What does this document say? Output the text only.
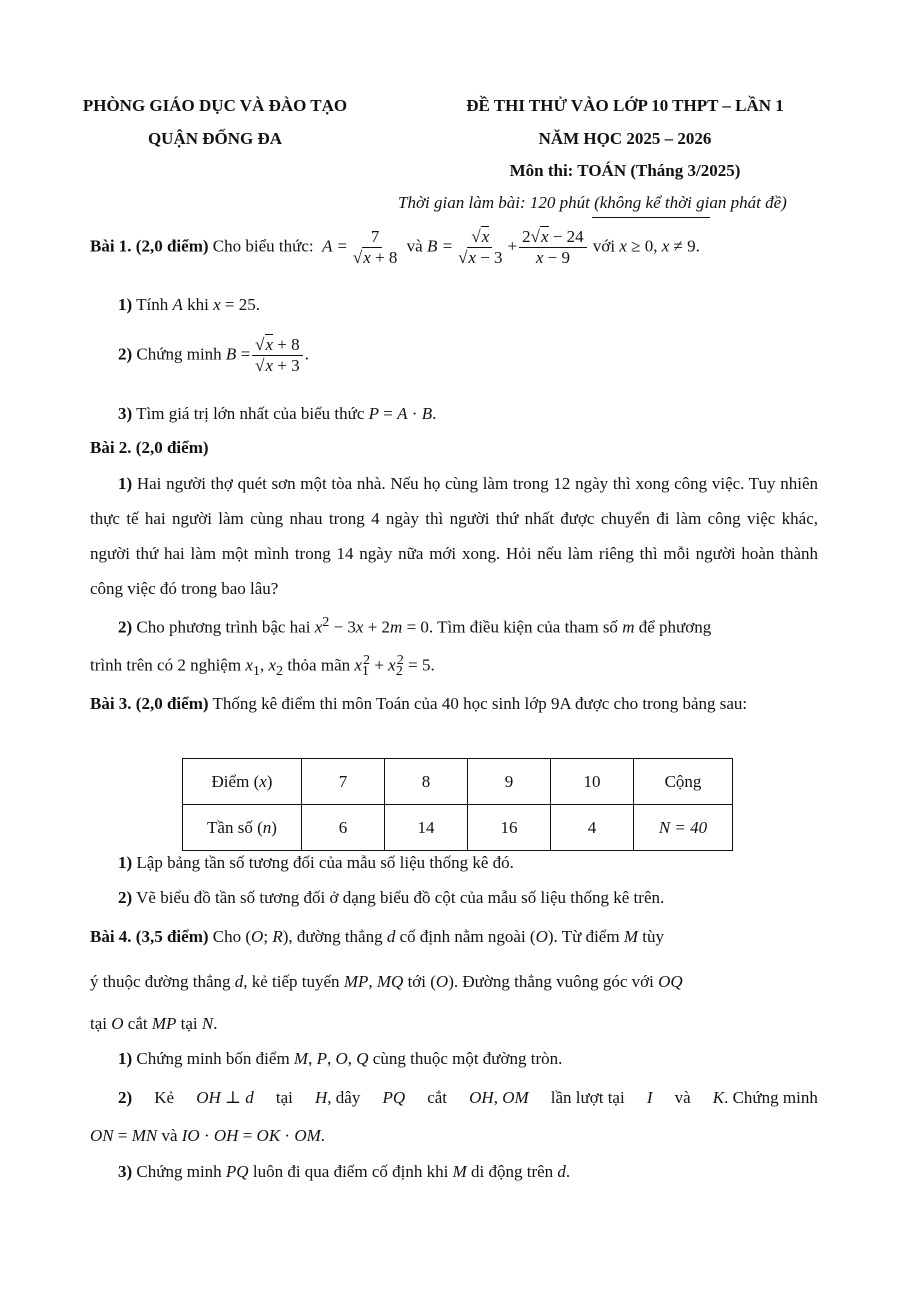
PHÒNG GIÁO DỤC VÀ ĐÀO TẠO
QUẬN ĐỐNG ĐA
ĐỀ THI THỬ VÀO LỚP 10 THPT – LẦN 1
NĂM HỌC 2025 – 2026
Môn thi: TOÁN (Tháng 3/2025)
Thời gian làm bài: 120 phút (không kể thời gian phát đề)
Bài 1. (2,0 điểm) Cho biểu thức:  $A = \frac{7}{√x + 8}$ và $B = \frac{√x}{√x - 3} + \frac{2√x - 24}{x - 9}$ với x ≥ 0, x ≠ 9.
1) Tính A khi x = 25.
2) Chứng minh $B = \frac{√x + 8}{√x + 3}$ .
3) Tìm giá trị lớn nhất của biểu thức P = A · B.
Bài 2. (2,0 điểm)
1) Hai người thợ quét sơn một tòa nhà. Nếu họ cùng làm trong 12 ngày thì xong công việc. Tuy nhiên thực tế hai người làm cùng nhau trong 4 ngày thì người thứ nhất được chuyển đi làm công việc khác, người thứ hai làm một mình trong 14 ngày nữa mới xong. Hỏi nếu làm riêng thì mỗi người hoàn thành công việc đó trong bao lâu?
2) Cho phương trình bậc hai $x^2 - 3x + 2m = 0$. Tìm điều kiện của tham số m để phương
trình trên có 2 nghiệm $x_1$, $x_2$ thỏa mãn $x_1^2 + x_2^2 = 5$.
Bài 3. (2,0 điểm) Thống kê điểm thi môn Toán của 40 học sinh lớp 9A được cho trong bảng sau:
Điểm (x)	7	8	9	10	Cộng
Tần số (n)	6	14	16	4	N = 40
1) Lập bảng tần số tương đối của mẫu số liệu thống kê đó.
2) Vẽ biểu đồ tần số tương đối ở dạng biểu đồ cột của mẫu số liệu thống kê trên.
Bài 4. (3,5 điểm) Cho (O; R), đường thẳng d cố định nằm ngoài (O). Từ điểm M tùy
ý thuộc đường thẳng d, kẻ tiếp tuyến MP, MQ tới (O). Đường thẳng vuông góc với OQ
tại O cắt MP tại N.
1) Chứng minh bốn điểm M, P, O, Q cùng thuộc một đường tròn.
2) Kẻ OH ⊥ d tại H, dây PQ cắt OH, OM lần lượt tại I và K. Chứng minh
ON = MN và IO · OH = OK · OM.
3) Chứng minh PQ luôn đi qua điểm cố định khi M di động trên d.
